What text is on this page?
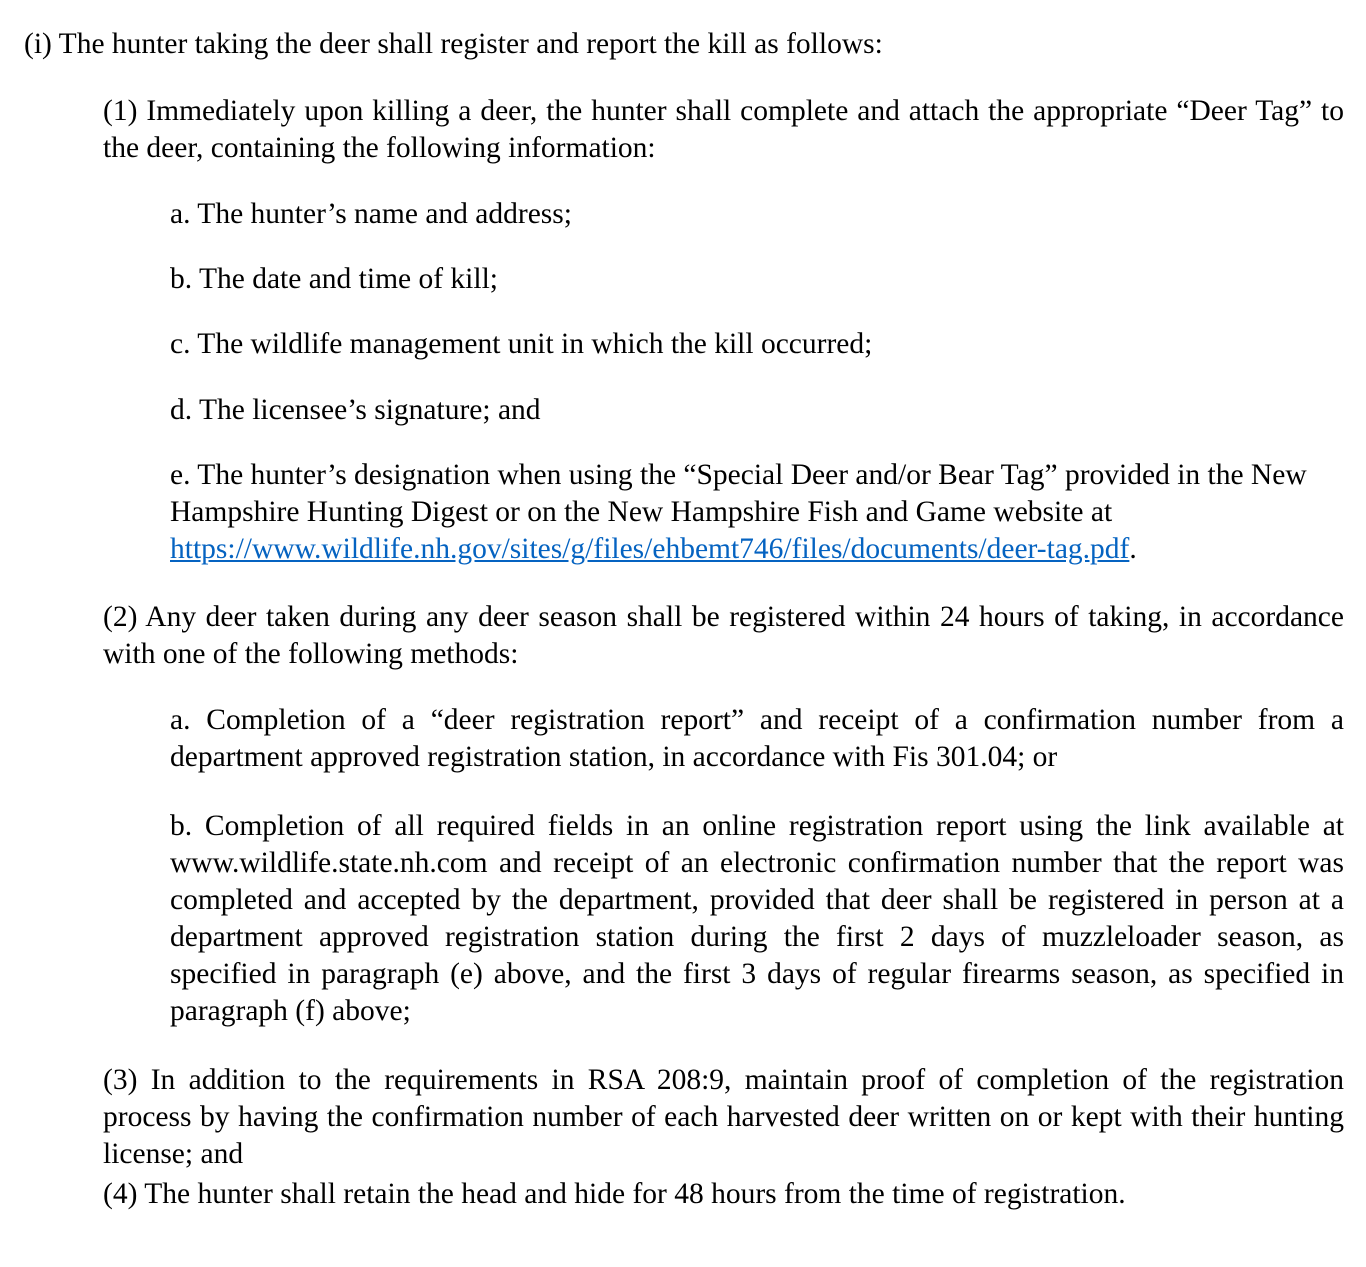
(i) The hunter taking the deer shall register and report the kill as follows:

(1) Immediately upon killing a deer, the hunter shall complete and attach the appropriate “Deer Tag” to the deer, containing the following information:

a. The hunter’s name and address;

b. The date and time of kill;

c. The wildlife management unit in which the kill occurred;

d. The licensee’s signature; and

e. The hunter’s designation when using the “Special Deer and/or Bear Tag” provided in the New Hampshire Hunting Digest or on the New Hampshire Fish and Game website at https://www.wildlife.nh.gov/sites/g/files/ehbemt746/files/documents/deer-tag.pdf.

(2) Any deer taken during any deer season shall be registered within 24 hours of taking, in accordance with one of the following methods:

a. Completion of a “deer registration report” and receipt of a confirmation number from a department approved registration station, in accordance with Fis 301.04; or

b. Completion of all required fields in an online registration report using the link available at www.wildlife.state.nh.com and receipt of an electronic confirmation number that the report was completed and accepted by the department, provided that deer shall be registered in person at a department approved registration station during the first 2 days of muzzleloader season, as specified in paragraph (e) above, and the first 3 days of regular firearms season, as specified in paragraph (f) above;

(3) In addition to the requirements in RSA 208:9, maintain proof of completion of the registration process by having the confirmation number of each harvested deer written on or kept with their hunting license; and

(4) The hunter shall retain the head and hide for 48 hours from the time of registration.
